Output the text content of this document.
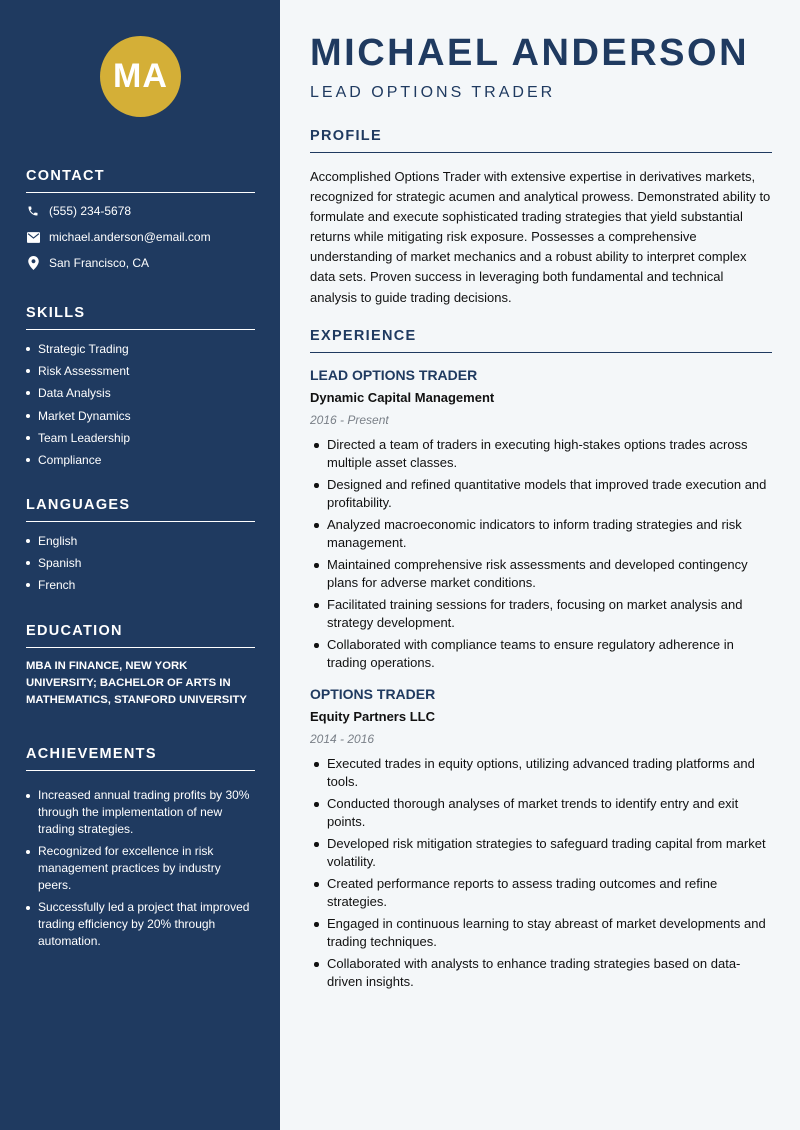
MA
CONTACT
(555) 234-5678
michael.anderson@email.com
San Francisco, CA
SKILLS
Strategic Trading
Risk Assessment
Data Analysis
Market Dynamics
Team Leadership
Compliance
LANGUAGES
English
Spanish
French
EDUCATION
MBA IN FINANCE, NEW YORK UNIVERSITY; BACHELOR OF ARTS IN MATHEMATICS, STANFORD UNIVERSITY
ACHIEVEMENTS
Increased annual trading profits by 30% through the implementation of new trading strategies.
Recognized for excellence in risk management practices by industry peers.
Successfully led a project that improved trading efficiency by 20% through automation.
MICHAEL ANDERSON
LEAD OPTIONS TRADER
PROFILE

Accomplished Options Trader with extensive expertise in derivatives markets, recognized for strategic acumen and analytical prowess. Demonstrated ability to formulate and execute sophisticated trading strategies that yield substantial returns while mitigating risk exposure. Possesses a comprehensive understanding of market mechanics and a robust ability to interpret complex data sets. Proven success in leveraging both fundamental and technical analysis to guide trading decisions.

EXPERIENCE
LEAD OPTIONS TRADER
Dynamic Capital Management
2016 - Present
Directed a team of traders in executing high-stakes options trades across multiple asset classes.
Designed and refined quantitative models that improved trade execution and profitability.
Analyzed macroeconomic indicators to inform trading strategies and risk management.
Maintained comprehensive risk assessments and developed contingency plans for adverse market conditions.
Facilitated training sessions for traders, focusing on market analysis and strategy development.
Collaborated with compliance teams to ensure regulatory adherence in trading operations.
OPTIONS TRADER
Equity Partners LLC
2014 - 2016
Executed trades in equity options, utilizing advanced trading platforms and tools.
Conducted thorough analyses of market trends to identify entry and exit points.
Developed risk mitigation strategies to safeguard trading capital from market volatility.
Created performance reports to assess trading outcomes and refine strategies.
Engaged in continuous learning to stay abreast of market developments and trading techniques.
Collaborated with analysts to enhance trading strategies based on data-driven insights.
